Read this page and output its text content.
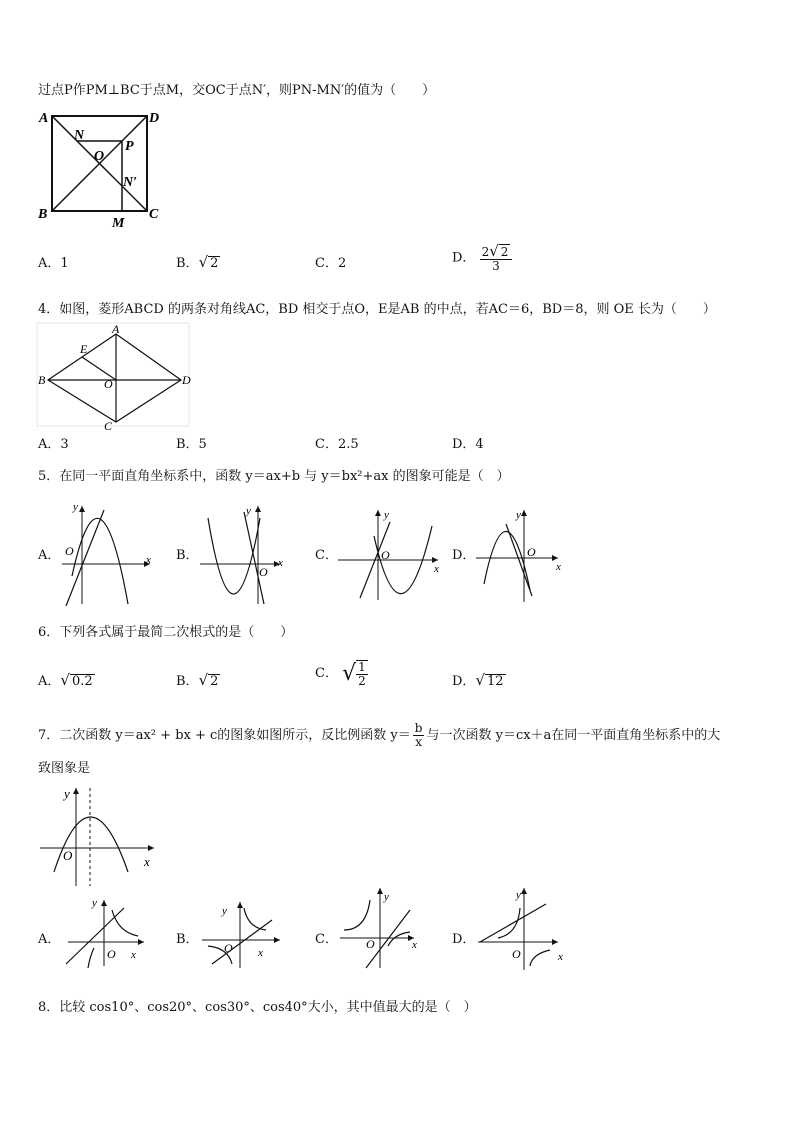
过点P作PM⊥BC于点M，交OC于点N′，则PN-MN′的值为（　　）
A	D
N
O
P
N′
B
M
C
A．1	B．√ 2	C．2	D． $\frac{2√ 2}{3}$
4．如图，菱形ABCD 的两条对角线AC，BD 相交于点O，E是AB 的中点，若AC＝6，BD＝8，则 OE 长为（　　）
A
E
B	O	D
C
A．3	B．5	C．2.5	D．4
5．在同一平面直角坐标系中，函数 y＝ax+b 与 y＝bx²+ax 的图象可能是（　）
A．
y
x
O	B．
y
x
O
C．
y
x
O	D．
y
x
O
6．下列各式属于最简二次根式的是（　　）
A．√ 0.2	B．√ 2
C． √ $\frac{1}{2}$	D．√ 12
7．二次函数 y＝ax² + bx + c的图象如图所示，反比例函数 $y= \frac{b}{x}$ 与一次函数 y＝cx＋a在同一平面直角坐标系中的大
致图象是
y
x
O
A．
y
x
O
B．
y
x
O
C．
y
x
O	D．
y
x
O
8．比较 cos10°、cos20°、cos30°、cos40°大小，其中值最大的是（　）
